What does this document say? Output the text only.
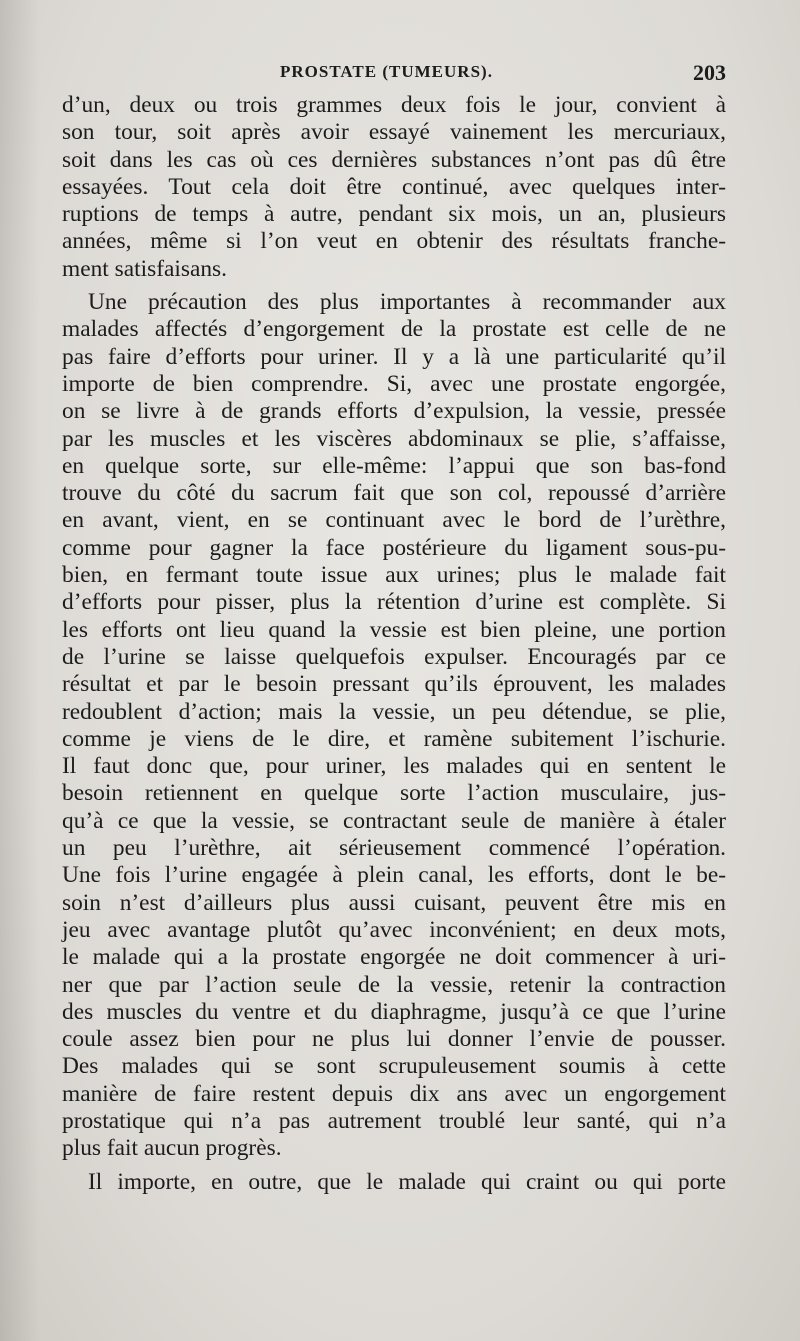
PROSTATE (TUMEURS).	203
d’un, deux ou trois grammes deux fois le jour, convient à
son tour, soit après avoir essayé vainement les mercuriaux,
soit dans les cas où ces dernières substances n’ont pas dû être
essayées. Tout cela doit être continué, avec quelques inter-
ruptions de temps à autre, pendant six mois, un an, plusieurs
années, même si l’on veut en obtenir des résultats franche-
ment satisfaisans.
Une précaution des plus importantes à recommander aux
malades affectés d’engorgement de la prostate est celle de ne
pas faire d’efforts pour uriner. Il y a là une particularité qu’il
importe de bien comprendre. Si, avec une prostate engorgée,
on se livre à de grands efforts d’expulsion, la vessie, pressée
par les muscles et les viscères abdominaux se plie, s’affaisse,
en quelque sorte, sur elle-même: l’appui que son bas-fond
trouve du côté du sacrum fait que son col, repoussé d’arrière
en avant, vient, en se continuant avec le bord de l’urèthre,
comme pour gagner la face postérieure du ligament sous-pu-
bien, en fermant toute issue aux urines; plus le malade fait
d’efforts pour pisser, plus la rétention d’urine est complète. Si
les efforts ont lieu quand la vessie est bien pleine, une portion
de l’urine se laisse quelquefois expulser. Encouragés par ce
résultat et par le besoin pressant qu’ils éprouvent, les malades
redoublent d’action; mais la vessie, un peu détendue, se plie,
comme je viens de le dire, et ramène subitement l’ischurie.
Il faut donc que, pour uriner, les malades qui en sentent le
besoin retiennent en quelque sorte l’action musculaire, jus-
qu’à ce que la vessie, se contractant seule de manière à étaler
un peu l’urèthre, ait sérieusement commencé l’opération.
Une fois l’urine engagée à plein canal, les efforts, dont le be-
soin n’est d’ailleurs plus aussi cuisant, peuvent être mis en
jeu avec avantage plutôt qu’avec inconvénient; en deux mots,
le malade qui a la prostate engorgée ne doit commencer à uri-
ner que par l’action seule de la vessie, retenir la contraction
des muscles du ventre et du diaphragme, jusqu’à ce que l’urine
coule assez bien pour ne plus lui donner l’envie de pousser.
Des malades qui se sont scrupuleusement soumis à cette
manière de faire restent depuis dix ans avec un engorgement
prostatique qui n’a pas autrement troublé leur santé, qui n’a
plus fait aucun progrès.
Il importe, en outre, que le malade qui craint ou qui porte
